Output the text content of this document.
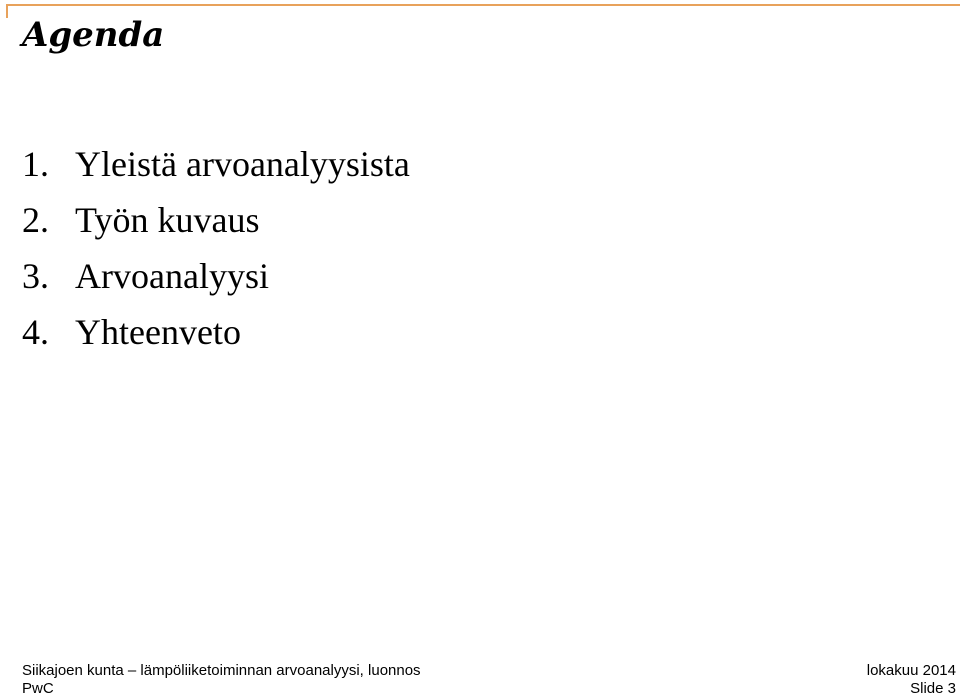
Agenda
1. Yleistä arvoanalyysista
2. Työn kuvaus
3. Arvoanalyysi
4. Yhteenveto
Siikajoen kunta – lämpöliiketoiminnan arvoanalyysi, luonnos
PwC
lokakuu 2014
Slide 3
